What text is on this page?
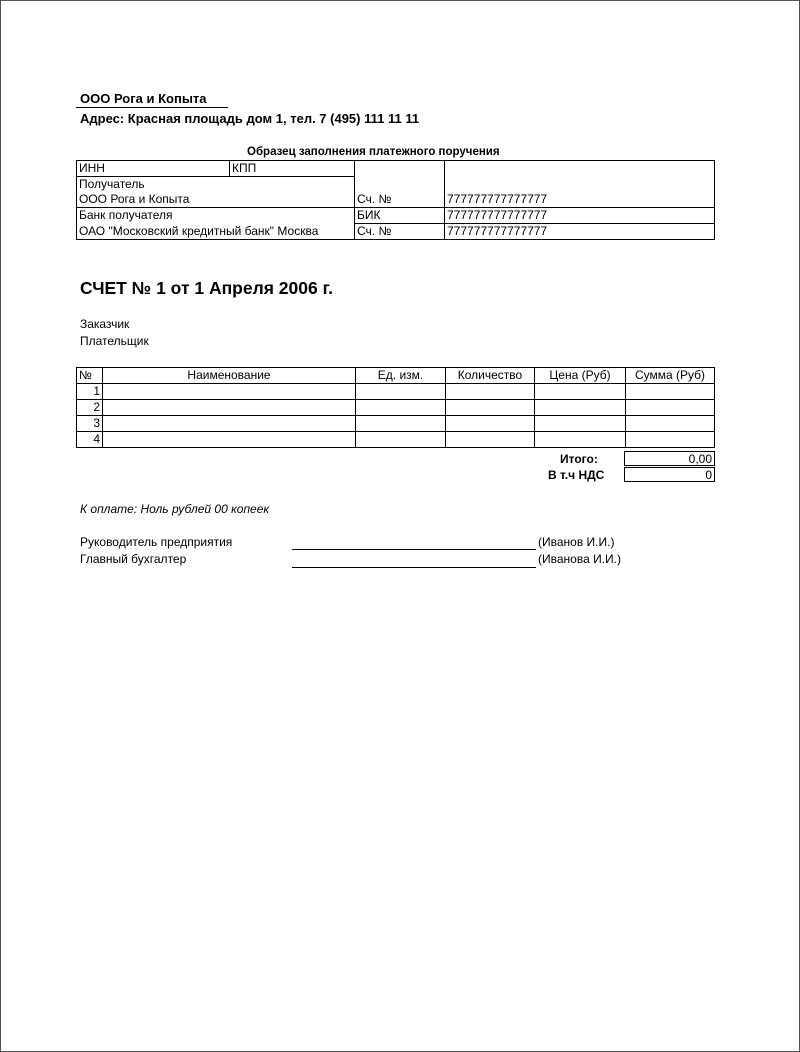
ООО Рога и Копыта
Адрес: Красная площадь дом 1, тел. 7 (495) 111 11 11
Образец заполнения платежного поручения
ИНН	КПП		
Получатель			
ООО Рога и Копыта		Сч. №	777777777777777
Банк получателя		БИК	777777777777777
ОАО "Московский кредитный банк" Москва		Сч. №	777777777777777
СЧЕТ № 1 от 1 Апреля 2006 г.
Заказчик
Плательщик
№	Наименование	Ед. изм.	Количество	Цена (Руб)	Сумма (Руб)
1					
2					
3					
4					
Итого:	0,00
В т.ч НДС	0
К оплате: Ноль рублей 00 копеек
Руководитель предприятия	(Иванов И.И.)
Главный бухгалтер	(Иванова И.И.)
